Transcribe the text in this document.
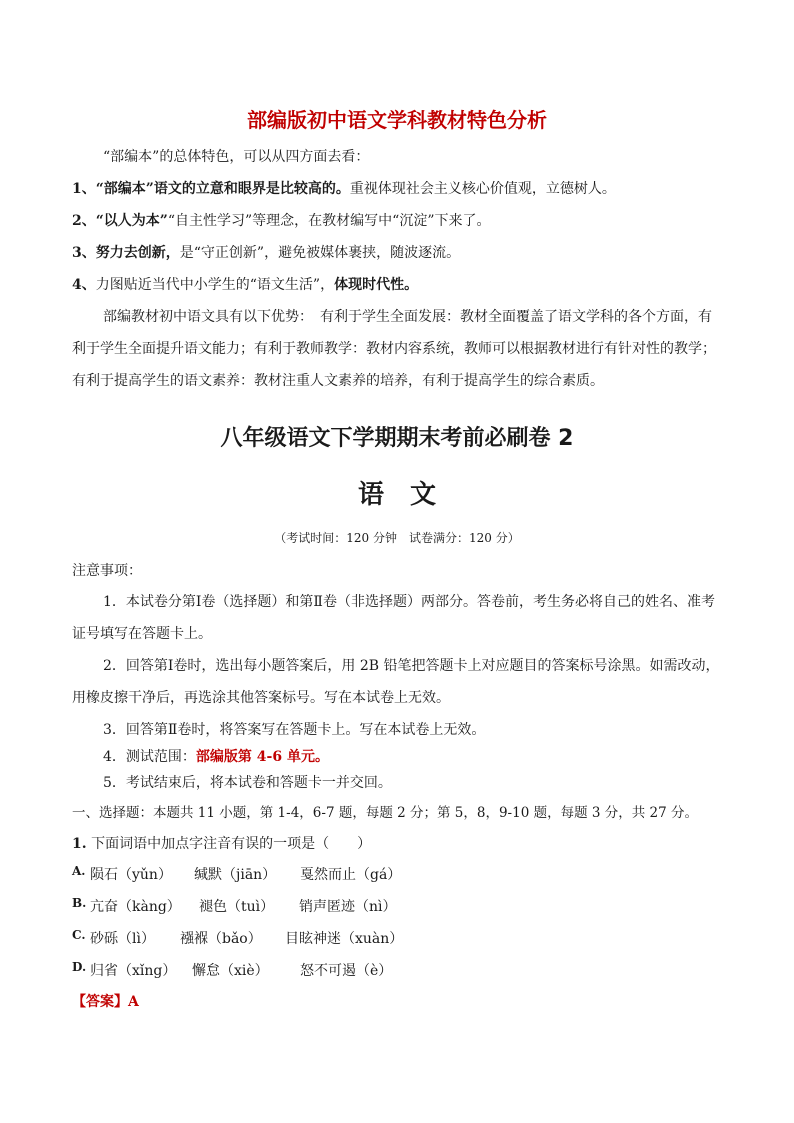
部编版初中语文学科教材特色分析
“部编本”的总体特色，可以从四方面去看：
1、“部编本”语文的立意和眼界是比较高的。重视体现社会主义核心价值观，立德树人。
2、“以人为本”“自主性学习”等理念，在教材编写中“沉淀”下来了。
3、努力去创新，是“守正创新”，避免被媒体裹挟，随波逐流。
4、力图贴近当代中小学生的“语文生活”，体现时代性。
部编教材初中语文具有以下优势：　有利于学生全面发展：教材全面覆盖了语文学科的各个方面，有
利于学生全面提升语文能力；有利于教师教学：教材内容系统，教师可以根据教材进行有针对性的教学；
有利于提高学生的语文素养：教材注重人文素养的培养，有利于提高学生的综合素质。
八年级语文下学期期末考前必刷卷 2
语　文
（考试时间：120 分钟　试卷满分：120 分）
注意事项：
1．本试卷分第Ⅰ卷（选择题）和第Ⅱ卷（非选择题）两部分。答卷前，考生务必将自己的姓名、准考
证号填写在答题卡上。
2．回答第Ⅰ卷时，选出每小题答案后，用 2B 铅笔把答题卡上对应题目的答案标号涂黑。如需改动，
用橡皮擦干净后，再选涂其他答案标号。写在本试卷上无效。
3．回答第Ⅱ卷时，将答案写在答题卡上。写在本试卷上无效。
4．测试范围：部编版第 4-6 单元。
5．考试结束后，将本试卷和答题卡一并交回。
一、选择题：本题共 11 小题，第 1-4，6-7 题，每题 2 分；第 5，8，9-10 题，每题 3 分，共 27 分。
1. 下面词语中加点字注音有误的一项是（　　）
A. 陨石（yǔn） 缄默（jiān） 戛然而止（gá）
B. 亢奋（kàng） 褪色（tuì） 销声匿迹（nì）
C. 砂砾（lì） 襁褓（bǎo） 目眩神迷（xuàn）
D. 归省（xǐng） 懈怠（xiè） 怒不可遏（è）
【答案】A
